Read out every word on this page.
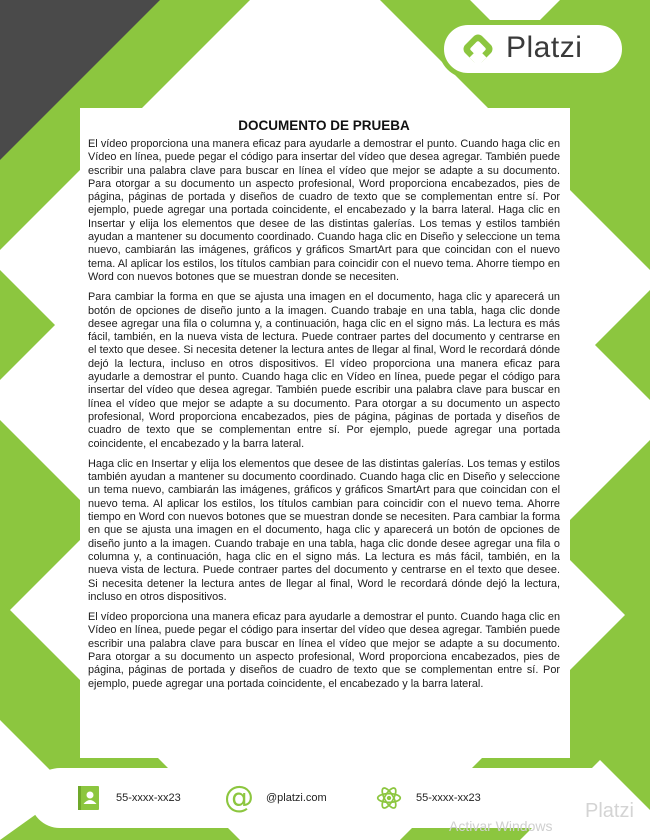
Platzi
DOCUMENTO DE PRUEBA

El vídeo proporciona una manera eficaz para ayudarle a demostrar el punto. Cuando haga clic en Vídeo en línea, puede pegar el código para insertar del vídeo que desea agregar. También puede escribir una palabra clave para buscar en línea el vídeo que mejor se adapte a su documento. Para otorgar a su documento un aspecto profesional, Word proporciona encabezados, pies de página, páginas de portada y diseños de cuadro de texto que se complementan entre sí. Por ejemplo, puede agregar una portada coincidente, el encabezado y la barra lateral. Haga clic en Insertar y elija los elementos que desee de las distintas galerías. Los temas y estilos también ayudan a mantener su documento coordinado. Cuando haga clic en Diseño y seleccione un tema nuevo, cambiarán las imágenes, gráficos y gráficos SmartArt para que coincidan con el nuevo tema. Al aplicar los estilos, los títulos cambian para coincidir con el nuevo tema. Ahorre tiempo en Word con nuevos botones que se muestran donde se necesiten.

Para cambiar la forma en que se ajusta una imagen en el documento, haga clic y aparecerá un botón de opciones de diseño junto a la imagen. Cuando trabaje en una tabla, haga clic donde desee agregar una fila o columna y, a continuación, haga clic en el signo más. La lectura es más fácil, también, en la nueva vista de lectura. Puede contraer partes del documento y centrarse en el texto que desee. Si necesita detener la lectura antes de llegar al final, Word le recordará dónde dejó la lectura, incluso en otros dispositivos. El vídeo proporciona una manera eficaz para ayudarle a demostrar el punto. Cuando haga clic en Vídeo en línea, puede pegar el código para insertar del vídeo que desea agregar. También puede escribir una palabra clave para buscar en línea el vídeo que mejor se adapte a su documento. Para otorgar a su documento un aspecto profesional, Word proporciona encabezados, pies de página, páginas de portada y diseños de cuadro de texto que se complementan entre sí. Por ejemplo, puede agregar una portada coincidente, el encabezado y la barra lateral.

Haga clic en Insertar y elija los elementos que desee de las distintas galerías. Los temas y estilos también ayudan a mantener su documento coordinado. Cuando haga clic en Diseño y seleccione un tema nuevo, cambiarán las imágenes, gráficos y gráficos SmartArt para que coincidan con el nuevo tema. Al aplicar los estilos, los títulos cambian para coincidir con el nuevo tema. Ahorre tiempo en Word con nuevos botones que se muestran donde se necesiten. Para cambiar la forma en que se ajusta una imagen en el documento, haga clic y aparecerá un botón de opciones de diseño junto a la imagen. Cuando trabaje en una tabla, haga clic donde desee agregar una fila o columna y, a continuación, haga clic en el signo más. La lectura es más fácil, también, en la nueva vista de lectura. Puede contraer partes del documento y centrarse en el texto que desee. Si necesita detener la lectura antes de llegar al final, Word le recordará dónde dejó la lectura, incluso en otros dispositivos.

El vídeo proporciona una manera eficaz para ayudarle a demostrar el punto. Cuando haga clic en Vídeo en línea, puede pegar el código para insertar del vídeo que desea agregar. También puede escribir una palabra clave para buscar en línea el vídeo que mejor se adapte a su documento. Para otorgar a su documento un aspecto profesional, Word proporciona encabezados, pies de página, páginas de portada y diseños de cuadro de texto que se complementan entre sí. Por ejemplo, puede agregar una portada coincidente, el encabezado y la barra lateral.

55-xxxx-xx23 @ @platzi.com	55-xxxx-xx23
Platzi
Activar Windows
